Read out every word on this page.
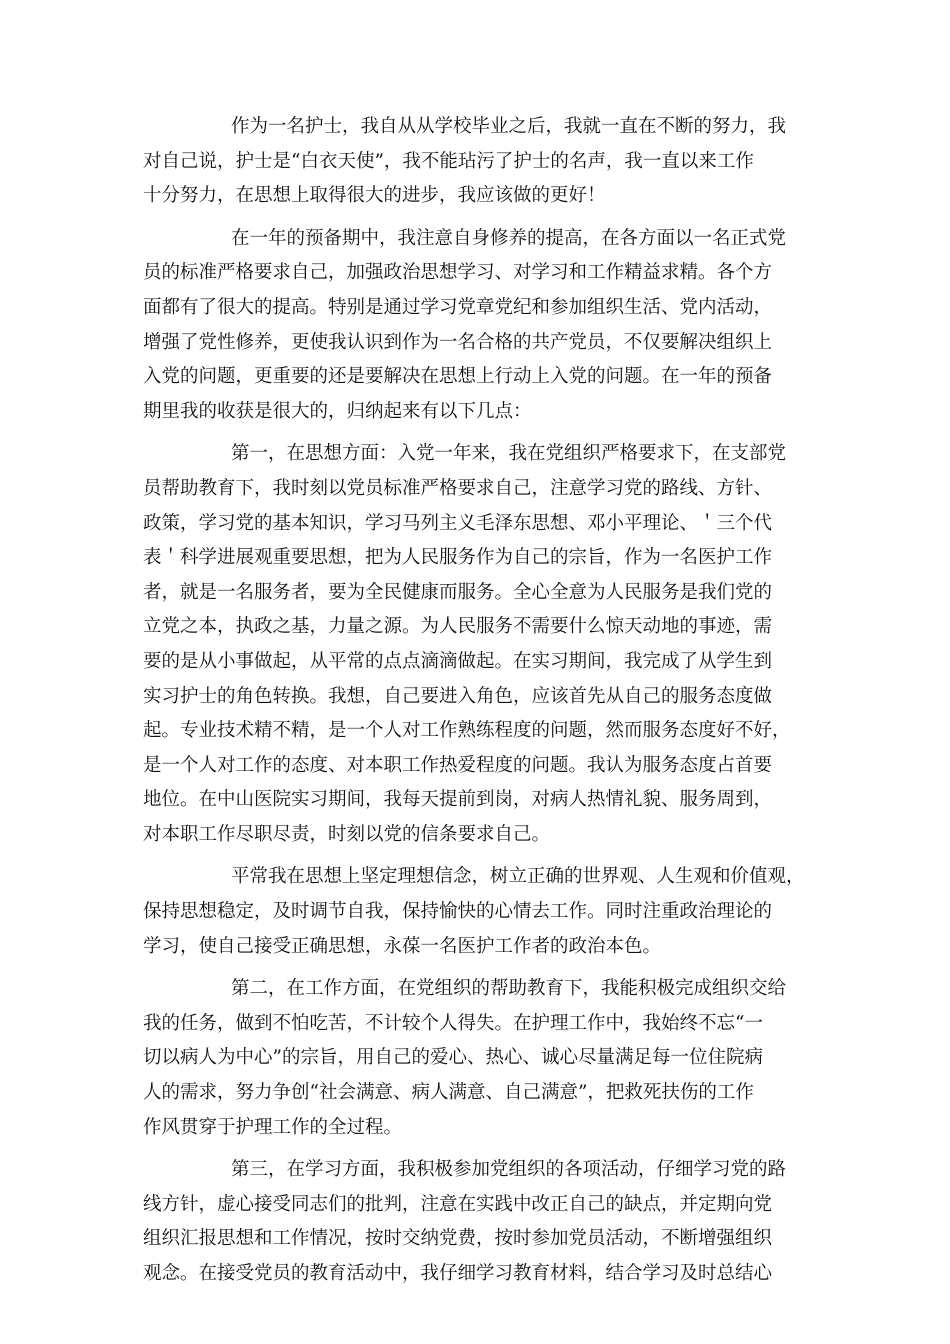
作为一名护士，我自从从学校毕业之后，我就一直在不断的努力，我
对自己说，护士是“白衣天使”，我不能玷污了护士的名声，我一直以来工作
十分努力，在思想上取得很大的进步，我应该做的更好！
在一年的预备期中，我注意自身修养的提高，在各方面以一名正式党
员的标准严格要求自己，加强政治思想学习、对学习和工作精益求精。各个方
面都有了很大的提高。特别是通过学习党章党纪和参加组织生活、党内活动，
增强了党性修养，更使我认识到作为一名合格的共产党员，不仅要解决组织上
入党的问题，更重要的还是要解决在思想上行动上入党的问题。在一年的预备
期里我的收获是很大的，归纳起来有以下几点：
第一，在思想方面：入党一年来，我在党组织严格要求下，在支部党
员帮助教育下，我时刻以党员标准严格要求自己，注意学习党的路线、方针、
政策，学习党的基本知识，学习马列主义毛泽东思想、邓小平理论、＇三个代
表＇科学进展观重要思想，把为人民服务作为自己的宗旨，作为一名医护工作
者，就是一名服务者，要为全民健康而服务。全心全意为人民服务是我们党的
立党之本，执政之基，力量之源。为人民服务不需要什么惊天动地的事迹，需
要的是从小事做起，从平常的点点滴滴做起。在实习期间，我完成了从学生到
实习护士的角色转换。我想，自己要进入角色，应该首先从自己的服务态度做
起。专业技术精不精，是一个人对工作熟练程度的问题，然而服务态度好不好，
是一个人对工作的态度、对本职工作热爱程度的问题。我认为服务态度占首要
地位。在中山医院实习期间，我每天提前到岗，对病人热情礼貌、服务周到，
对本职工作尽职尽责，时刻以党的信条要求自己。
平常我在思想上坚定理想信念，树立正确的世界观、人生观和价值观，
保持思想稳定，及时调节自我，保持愉快的心情去工作。同时注重政治理论的
学习，使自己接受正确思想，永葆一名医护工作者的政治本色。
第二，在工作方面，在党组织的帮助教育下，我能积极完成组织交给
我的任务，做到不怕吃苦，不计较个人得失。在护理工作中，我始终不忘“一
切以病人为中心”的宗旨，用自己的爱心、热心、诚心尽量满足每一位住院病
人的需求，努力争创“社会满意、病人满意、自己满意”，把救死扶伤的工作
作风贯穿于护理工作的全过程。
第三，在学习方面，我积极参加党组织的各项活动，仔细学习党的路
线方针，虚心接受同志们的批判，注意在实践中改正自己的缺点，并定期向党
组织汇报思想和工作情况，按时交纳党费，按时参加党员活动，不断增强组织
观念。在接受党员的教育活动中，我仔细学习教育材料，结合学习及时总结心
